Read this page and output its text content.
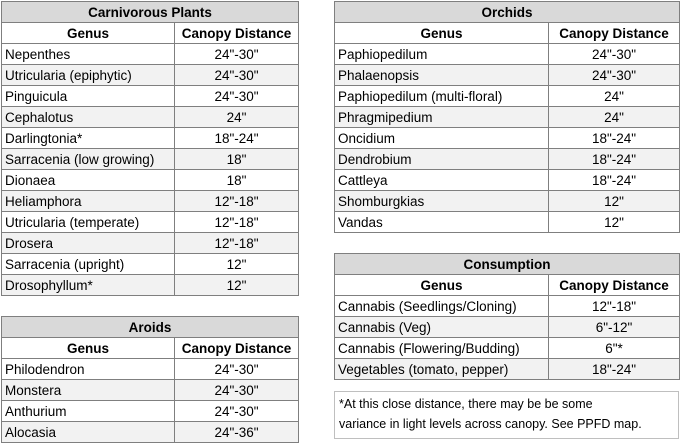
Carnivorous Plants	
Genus	Canopy Distance
Nepenthes	24"-30"
Utricularia (epiphytic)	24"-30"
Pinguicula	24"-30"
Cephalotus	24"
Darlingtonia*	18"-24"
Sarracenia (low growing)	18"
Dionaea	18"
Heliamphora	12"-18"
Utricularia (temperate)	12"-18"
Drosera	12"-18"
Sarracenia (upright)	12"
Drosophyllum*	12"
Aroids	
Genus	Canopy Distance
Philodendron	24"-30"
Monstera	24"-30"
Anthurium	24"-30"
Alocasia	24"-36"
Orchids	
Genus	Canopy Distance
Paphiopedilum	24"-30"
Phalaenopsis	24"-30"
Paphiopedilum (multi-floral)	24"
Phragmipedium	24"
Oncidium	18"-24"
Dendrobium	18"-24"
Cattleya	18"-24"
Shomburgkias	12"
Vandas	12"
Consumption	
Genus	Canopy Distance
Cannabis (Seedlings/Cloning)	12"-18"
Cannabis (Veg)	6"-12"
Cannabis (Flowering/Budding)	6"*
Vegetables (tomato, pepper)	18"-24"
*At this close distance, there may be be some
variance in light levels across canopy. See PPFD map.
